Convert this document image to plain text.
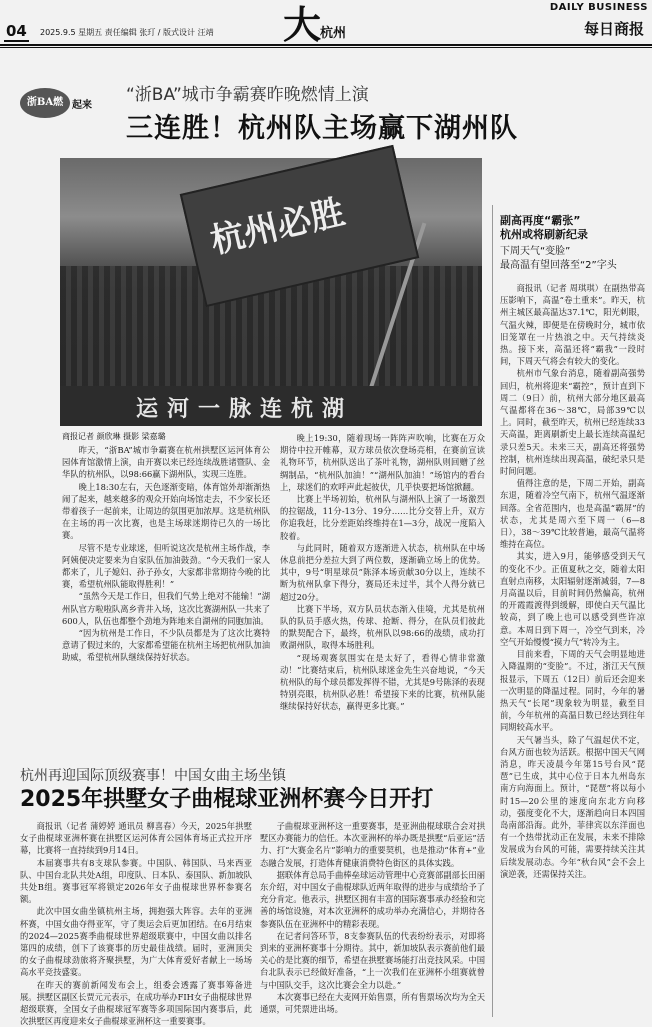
04 2025.9.5 星期五 责任编辑 张玎 / 版式设计 汪靖 大
杭州
DAILY BUSINESS
每日商报
浙BA燃 起来
“浙BA”城市争霸赛昨晚燃情上演
三连胜！杭州队主场赢下湖州队
杭州必胜
运河一脉连杭湖
商报记者 颜欣琳 摄影 梁嘉璐

昨天，“浙BA”城市争霸赛在杭州拱墅区运河体育公园体育馆激情上演，由开赛以来已经连续战胜诸暨队、金华队的杭州队，以98:66赢下湖州队，实现三连胜。

晚上18:30左右，天色逐渐变暗，体育馆外却渐渐热闹了起来，越来越多的观众开始向场馆走去，不少家长还带着孩子一起前来，让周边的氛围更加浓厚。这是杭州队在主场的再一次比赛，也是主场球迷期待已久的一场比赛。

尽管不是专业球迷，但听说这次是杭州主场作战，李阿姨便决定要来为自家队伍加油鼓劲。“今天我们一家人都来了，儿子媳妇、孙子孙女，大家都非常期待今晚的比赛，希望杭州队能取得胜利！”

“虽然今天是工作日，但我们气势上绝对不能输！”湖州队官方啦啦队离乡背井入场，这次比赛湖州队一共来了600人，队伍也都整个劲地为阵地来自湖州的同胞加油。

“因为杭州是工作日，不少队员都是为了这次比赛特意请了假过来的，大家都希望能在杭州主场把杭州队加油助威，希望杭州队继续保持好状态。

晚上19:30，随着现场一阵阵声吹响，比赛在万众期待中拉开帷幕，双方球员依次登场亮相，在赛前宣读礼物环节，杭州队送出了茶叶礼物，湖州队则回赠了丝绸制品，“杭州队加油！”“湖州队加油！”场馆内的看台上，球迷们的欢呼声此起彼伏，几乎快要把场馆掀翻。

比赛上半场初始，杭州队与湖州队上演了一场激烈的拉锯战，11分-13分、19分……比分交替上升，双方你追我赶，比分差距始终维持在1—3分，战况一度陷入胶着。

与此同时，随着双方逐渐进入状态，杭州队在中场休息前把分差拉大到了两位数，逐渐确立场上的优势。其中，9号“明星球员”陈泽本场贡献30分以上，连续不断为杭州队拿下得分，赛局还未过半，其个人得分就已超过20分。

比赛下半场，双方队员状态渐入佳境，尤其是杭州队的队员手感火热，传球、抢断、得分，在队员们彼此的默契配合下，最终，杭州队以98:66的战绩，成功打败湖州队，取得本场胜利。

“现场观赛氛围实在是太好了，看得心情非常激动！”比赛结束后，杭州队球迷金先生兴奋地说，“今天杭州队的每个球员都发挥得不错，尤其是9号陈泽的表现特别亮眼，杭州队必胜！希望接下来的比赛，杭州队能继续保持好状态，赢得更多比赛。”

副高再度“霸张”
杭州或将刷新纪录
下周天气“变脸”
最高温有望回落至“2”字头

商报讯（记者 周琪琪）在副热带高压影响下，高温“卷土重来”。昨天，杭州主城区最高温达37.1℃，阳光刺眼，气温火辣，即便是在傍晚时分，城市依旧笼罩在一片热浪之中。天气持续炎热。接下来，高温还将“霸我”一段时间，下周天气将会有较大的变化。

杭州市气象台消息，随着副高强势回归，杭州将迎来“霸控”，预计直到下周二（9日）前，杭州大部分地区最高气温都将在36～38℃，局部39℃以上。同时，截至昨天，杭州已经连续33天高温，距离刷新史上最长连续高温纪录只差5天。未来三天，副高还将强势控制，杭州连续出现高温，破纪录只是时间问题。

值得注意的是，下周二开始，副高东退，随着冷空气南下，杭州气温逐渐回落。全省范围内，也是高温“霸屏”的状态，尤其是周六至下周一（6—8日），38～39℃比较普遍，最高气温将维持在高位。

其实，进入9月，能够感受到天气的变化不少。正值夏秋之交，随着太阳直射点南移，太阳辐射逐渐减弱，7—8月高温以后，目前时间仍然偏高，杭州的开霞霞渡得到缓解，即使白天气温比较高，到了晚上也可以感受到些许凉意。本周日到下周一，冷空气到来，冷空气开始慢慢“摸力气”转冷为主。

目前来看，下周的天气会明显地进入降温期的“变脸”。不过，浙江天气预报显示，下周五（12日）前后还会迎来一次明显的降温过程。同时，今年的暑热天气“长尾”现象较为明显，截至目前，今年杭州的高温日数已经达到往年同期较高水平。

天气暑当头，除了气温起伏不定，台风方面也较为活跃。根据中国天气网消息，昨天凌晨今年第15号台风“琵琶”已生成，其中心位于日本九州岛东南方向海面上。预计，“琵琶”将以每小时15—20公里的速度向东北方向移动，强度变化不大，逐渐趋向日本四国岛南部沿海。此外，菲律宾以东洋面也有一个热带扰动正在发展，未来不排除发展成为台风的可能，需要持续关注其后续发展动态。今年“秋台风”会不会上演逆袭，还需保持关注。

杭州再迎国际顶级赛事！中国女曲主场坐镇
2025年拱墅女子曲棍球亚洲杯赛今日开打

商报讯（记者 蒲婷婷 通讯员 柳喜春）今天，2025年拱墅女子曲棍球亚洲杯赛在拱墅区运河体育公园体育场正式拉开序幕，比赛将一直持续到9月14日。

本届赛事共有8支球队参赛。中国队、韩国队、马来西亚队、中国台北队共处A组，印度队、日本队、泰国队、新加坡队共处B组。赛事冠军将锁定2026年女子曲棍球世界杯参赛名额。

此次中国女曲坐镇杭州主场，拥抱强大阵容。去年的亚洲杯赛，中国女曲夺得亚军，守了奥运会后更加团结。在6月结束的2024—2025赛季曲棍球世界超级联赛中，中国女曲以排名第四的成绩，创下了该赛事的历史最佳战绩。届时，亚洲顶尖的女子曲棍球劲旅将齐聚拱墅，为广大体育爱好者献上一场场高水平竞技盛宴。

在昨天的赛前新闻发布会上，组委会透露了赛事筹备进展。拱墅区副区长贾元元表示，在成功举办FIH女子曲棍球世界超级联赛，全国女子曲棍球冠军赛等多项国际国内赛事后，此次拱墅区再度迎来女子曲棍球亚洲杯这一重要赛事。

子曲棍球亚洲杯这一重要赛事，是亚洲曲棍球联合会对拱墅区办赛能力的信任。本次亚洲杯的举办既是拱墅“后亚运”活力、打“大赛金名片”影响力的重要契机，也是推动“体育+”业态融合发展，打造体育健康消费特色街区的具体实践。

据联体育总局手曲棒垒球运动管理中心竞赛部副部长田丽东介绍，对中国女子曲棍球队近两年取得的进步与成绩给予了充分肯定。他表示，拱墅区拥有丰富的国际赛事承办经验和完善的场馆设施，对本次亚洲杯的成功举办充满信心，并期待各参赛队伍在亚洲杯中的精彩表现。

在记者问答环节，8支参赛队伍的代表纷纷表示，对即将到来的亚洲杯赛事十分期待。其中，新加坡队表示赛前他们最关心的是比赛的细节，希望在拱墅赛场能打出竞技风采。中国台北队表示已经做好准备，“上一次我们在亚洲杯小组赛就曾与中国队交手，这次比赛会全力以赴。”

本次赛事已经在大麦网开始售票，所有售票场次均为全天通票，可凭票进出场。
